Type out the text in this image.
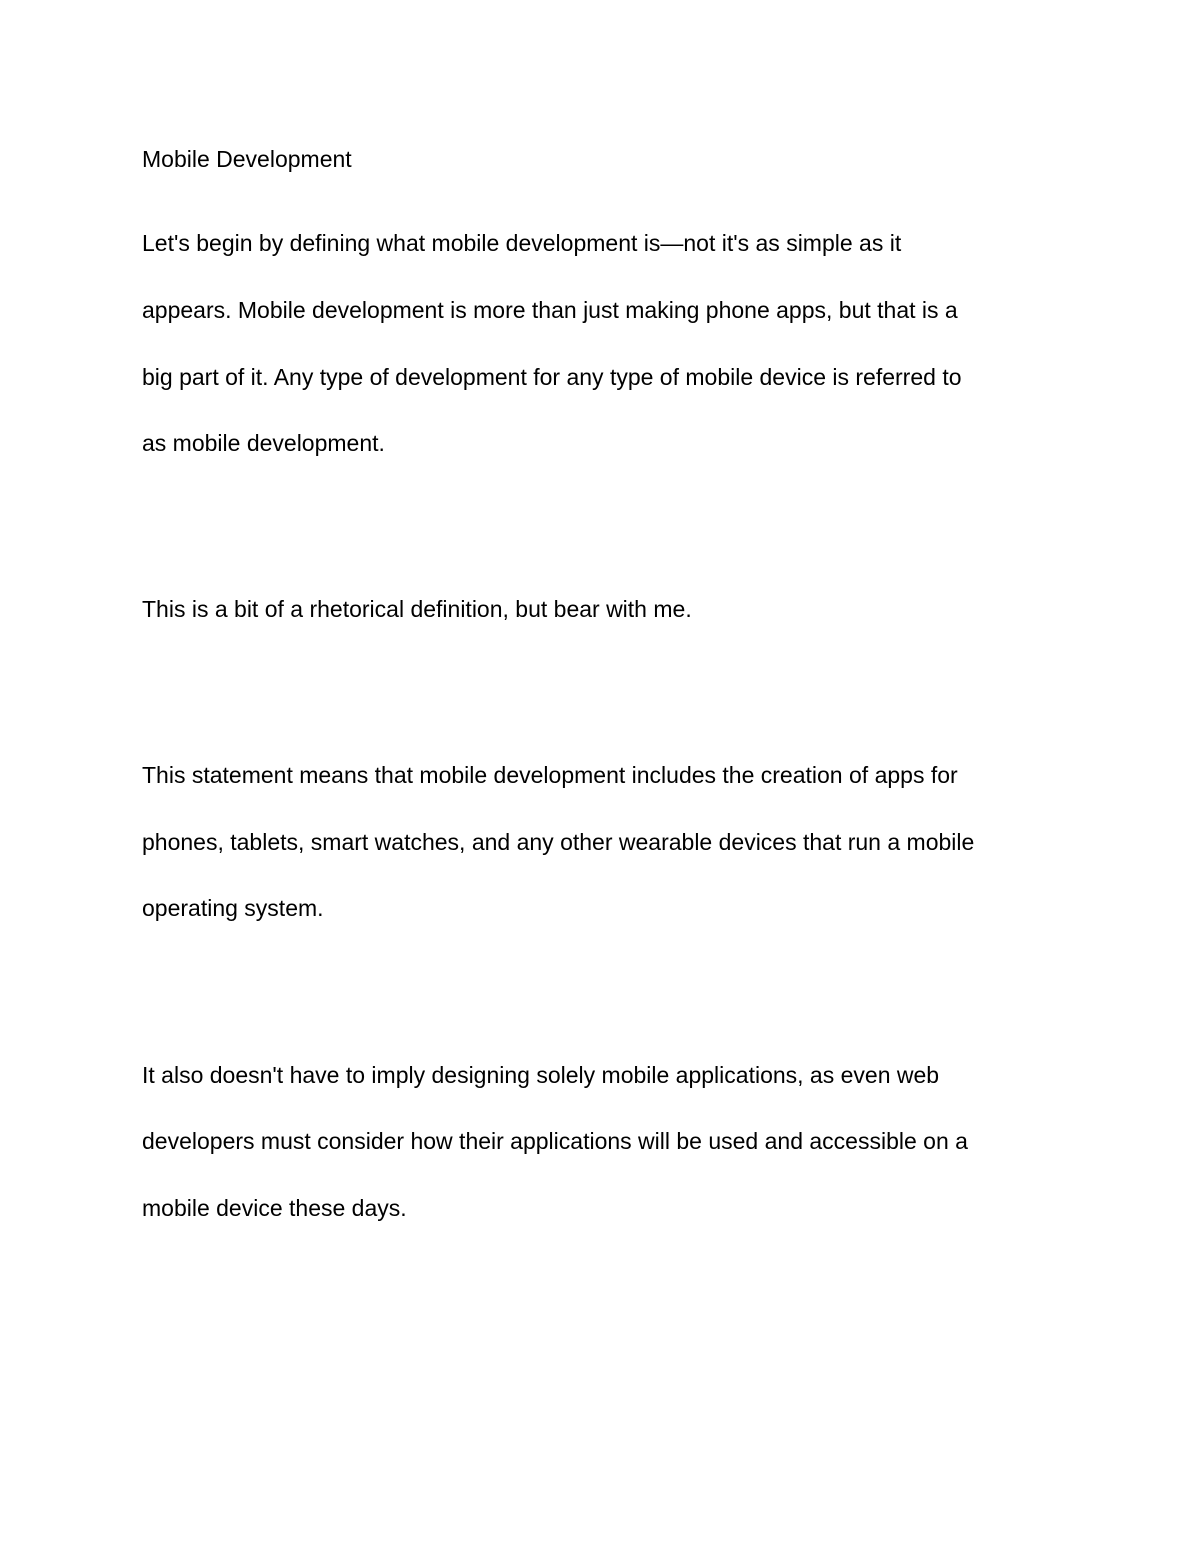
Mobile Development

Let's begin by defining what mobile development is—not it's as simple as it

appears. Mobile development is more than just making phone apps, but that is a

big part of it. Any type of development for any type of mobile device is referred to

as mobile development.

This is a bit of a rhetorical definition, but bear with me.

This statement means that mobile development includes the creation of apps for

phones, tablets, smart watches, and any other wearable devices that run a mobile

operating system.

It also doesn't have to imply designing solely mobile applications, as even web

developers must consider how their applications will be used and accessible on a

mobile device these days.
